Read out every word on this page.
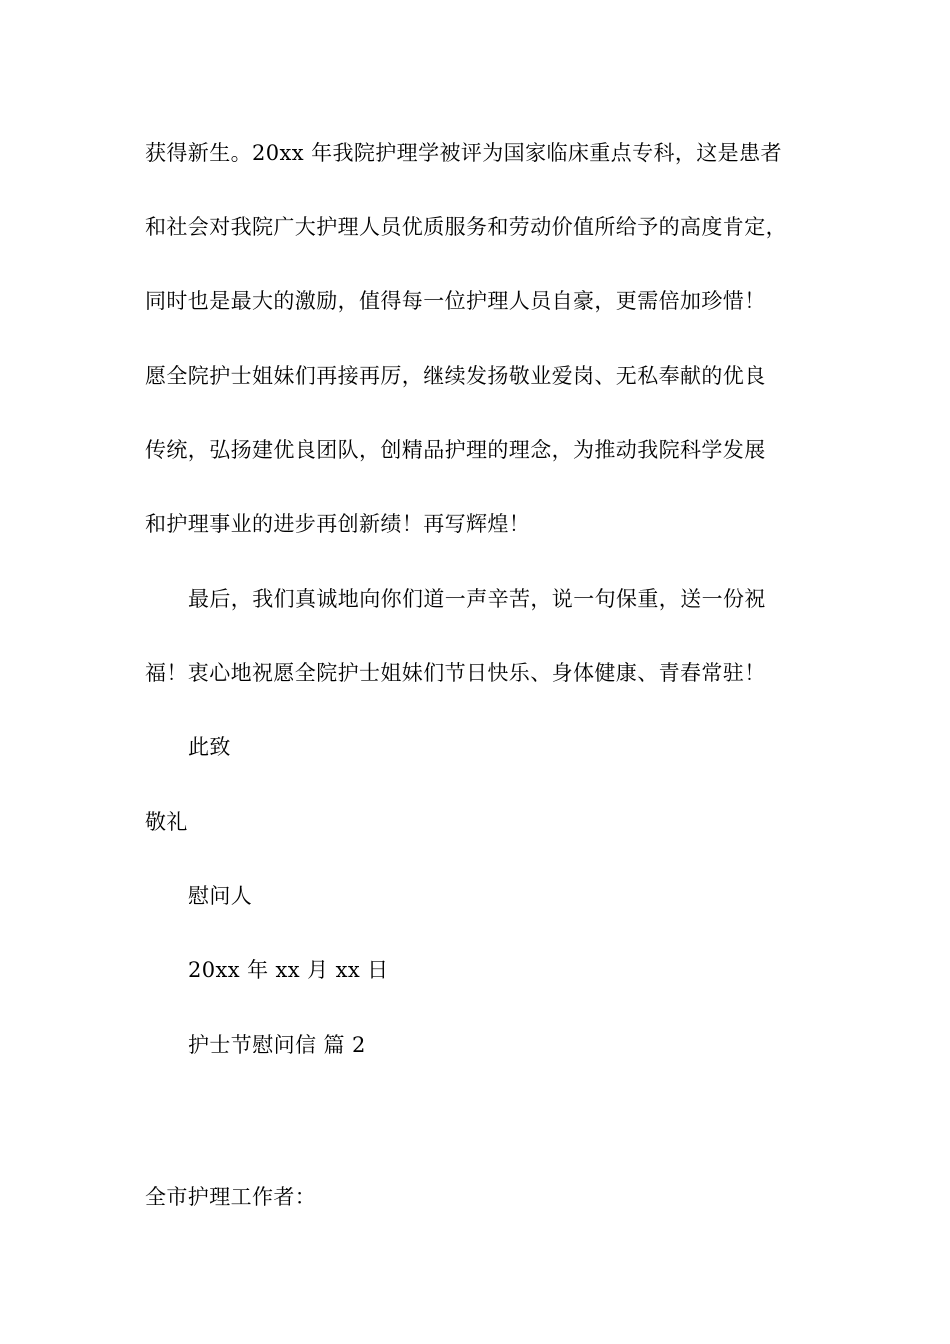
获得新生。20xx 年我院护理学被评为国家临床重点专科，这是患者
和社会对我院广大护理人员优质服务和劳动价值所给予的高度肯定，
同时也是最大的激励，值得每一位护理人员自豪，更需倍加珍惜！
愿全院护士姐妹们再接再厉，继续发扬敬业爱岗、无私奉献的优良
传统，弘扬建优良团队，创精品护理的理念，为推动我院科学发展
和护理事业的进步再创新绩！再写辉煌！
最后，我们真诚地向你们道一声辛苦，说一句保重，送一份祝
福！衷心地祝愿全院护士姐妹们节日快乐、身体健康、青春常驻！
此致
敬礼
慰问人
20xx 年 xx 月 xx 日
护士节慰问信 篇 2
全市护理工作者：
